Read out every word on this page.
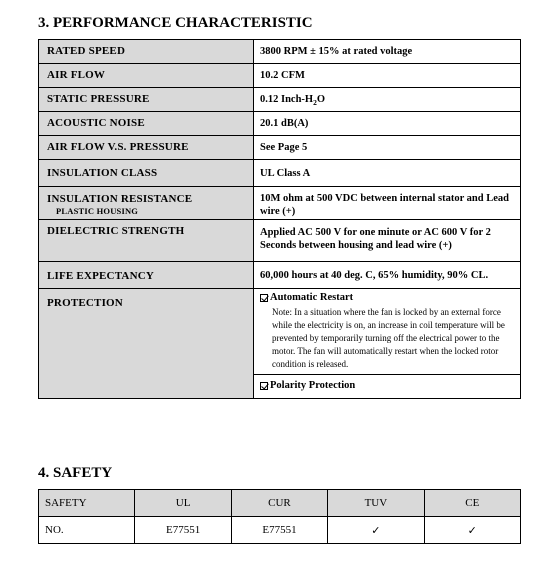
3. PERFORMANCE CHARACTERISTIC
RATED SPEED	3800 RPM ± 15% at rated voltage
AIR FLOW	10.2 CFM
STATIC PRESSURE	0.12 Inch-$H_2O$
ACOUSTIC NOISE	20.1 dB(A)
AIR FLOW V.S. PRESSURE	See Page 5
INSULATION CLASS	UL Class A
INSULATION RESISTANCE
PLASTIC HOUSING	10M ohm at 500 VDC between internal stator and Lead wire (+)
DIELECTRIC STRENGTH	Applied AC 500 V for one minute or AC 600 V for 2 Seconds between housing and lead wire (+)
LIFE EXPECTANCY	60,000 hours at 40 deg. C, 65% humidity, 90% CL.
PROTECTION	Automatic Restart
Note: In a situation where the fan is locked by an external force while the electricity is on, an increase in coil temperature will be prevented by temporarily turning off the electrical power to the motor. The fan will automatically restart when the locked rotor condition is released.
Polarity Protection
4. SAFETY
SAFETY	UL	CUR	TUV	CE
NO.	E77551	E77551	✓	✓
